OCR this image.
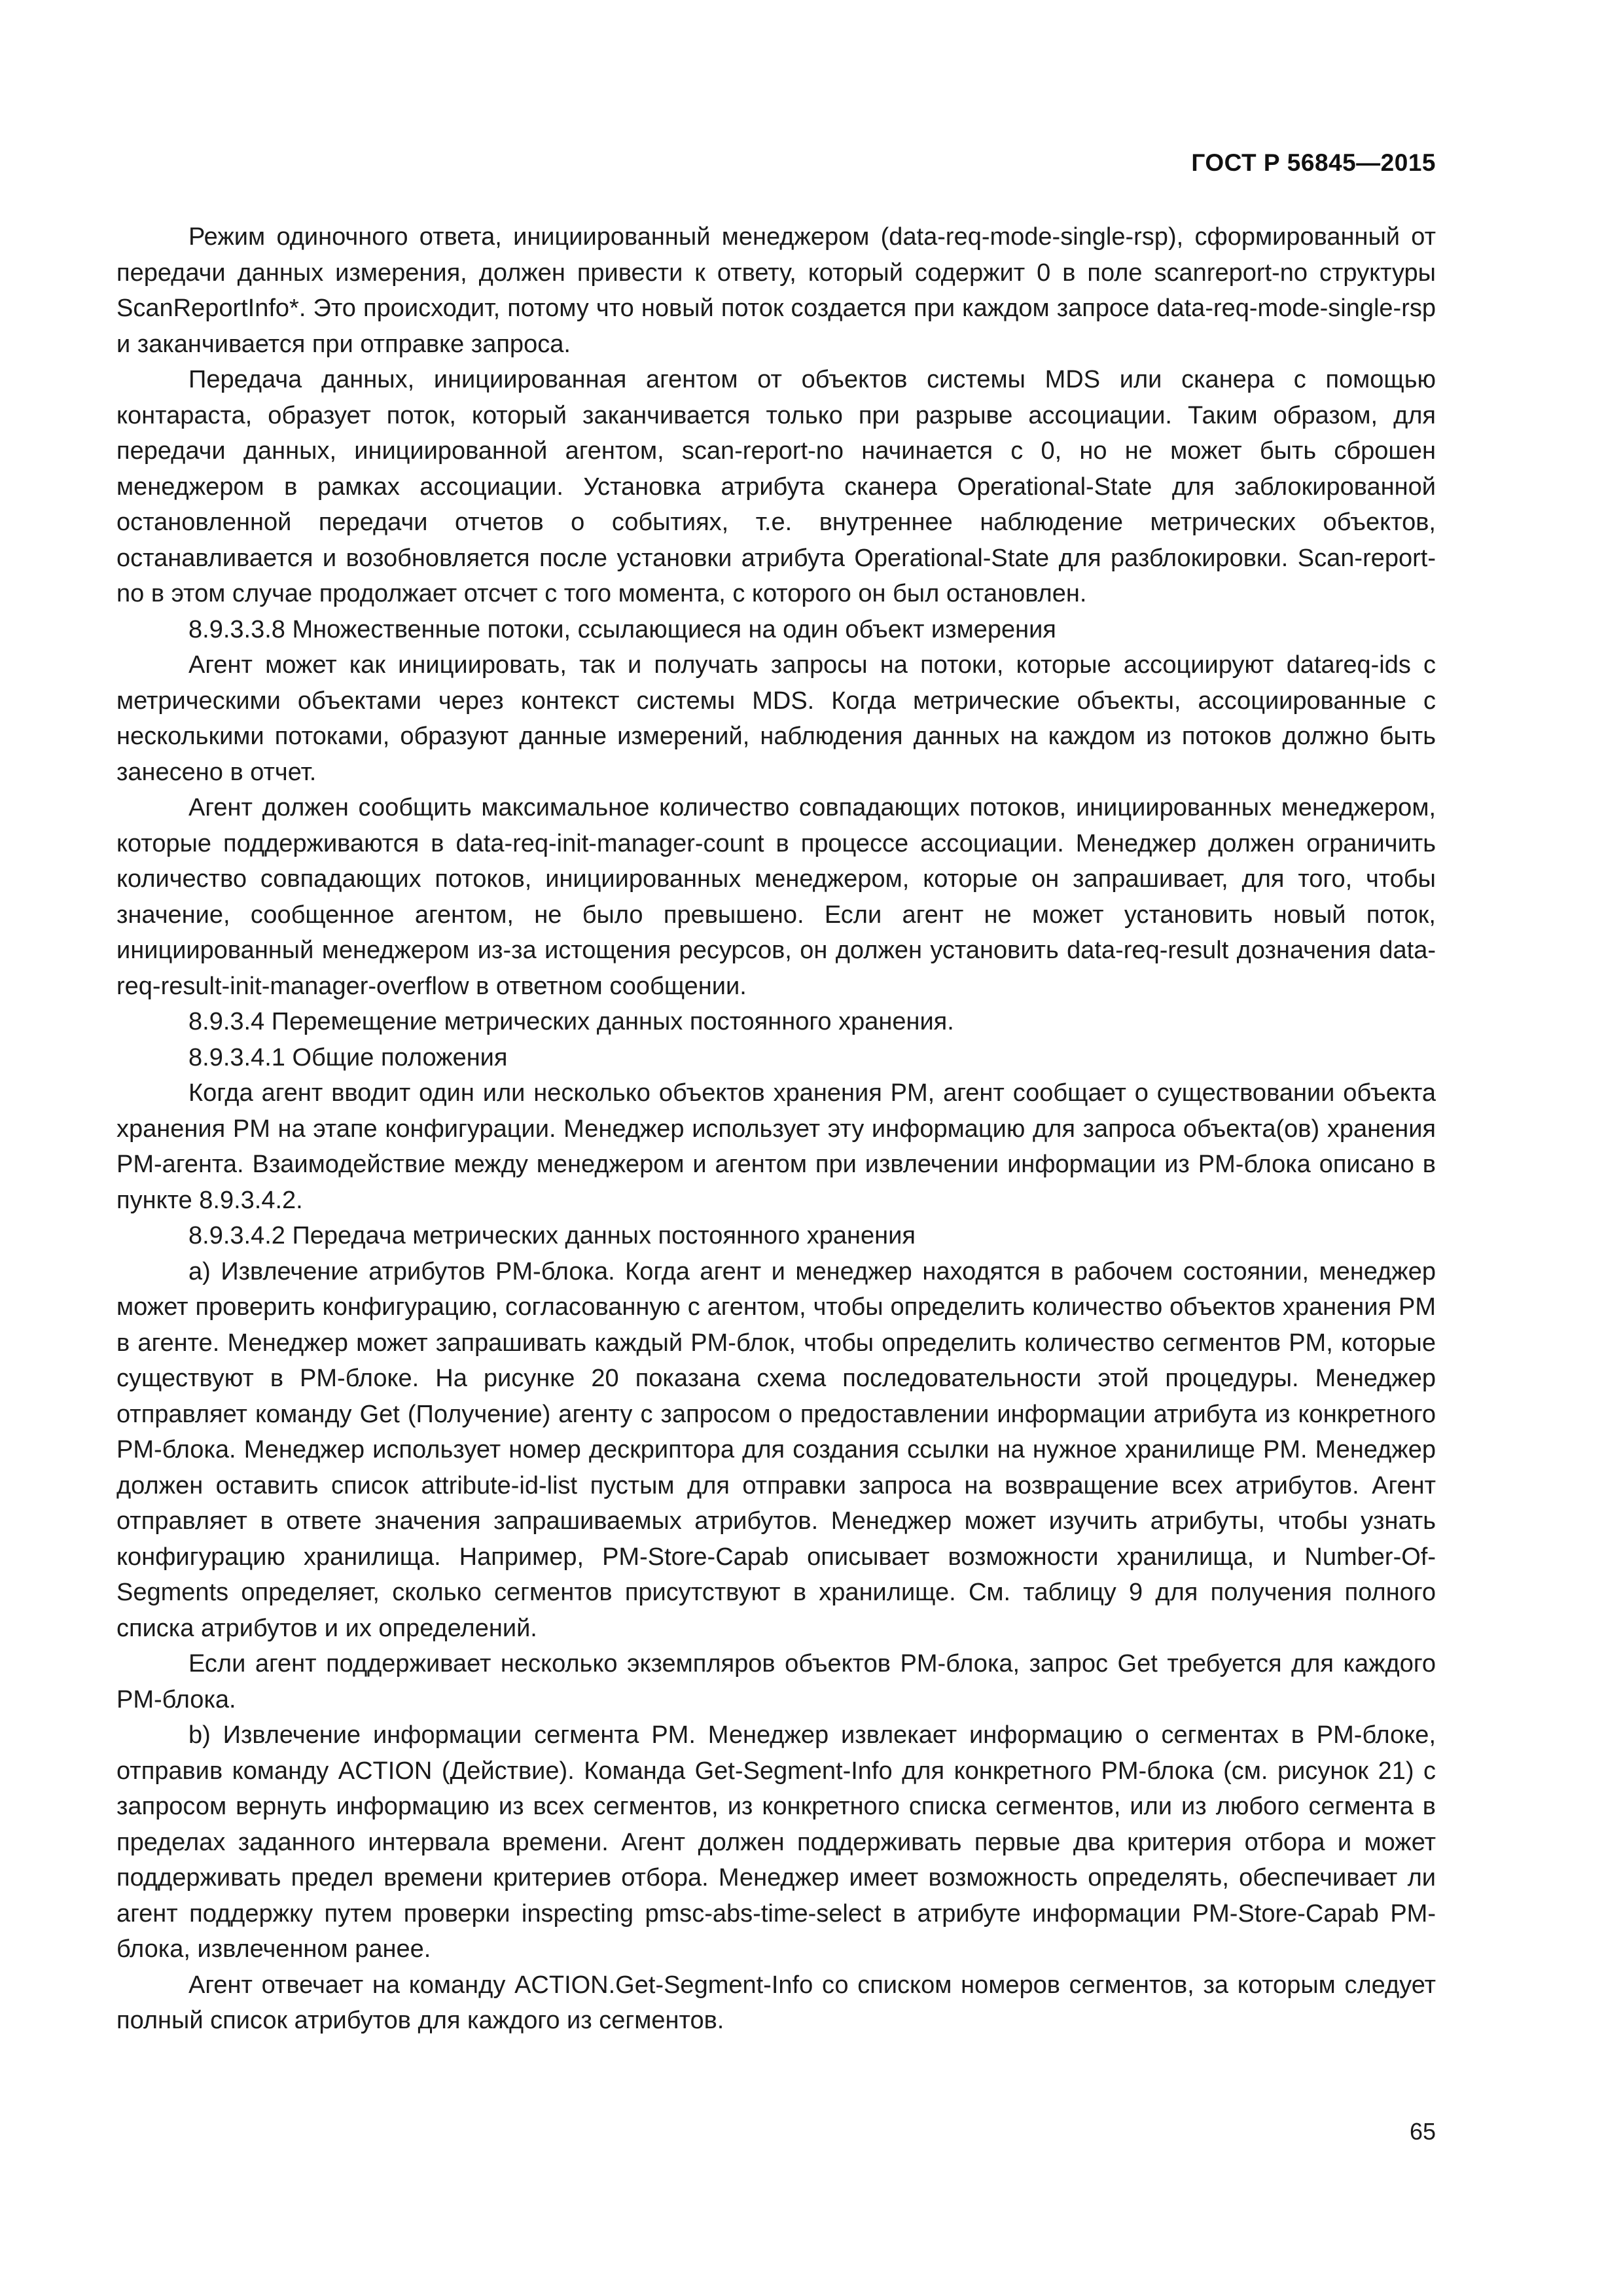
ГОСТ Р 56845—2015

Режим одиночного ответа, инициированный менеджером (data-req-mode-single-rsp), сформированный от передачи данных измерения, должен привести к ответу, который содержит 0 в поле scanreport-no структуры ScanReportInfo*. Это происходит, потому что новый поток создается при каждом запросе data-req-mode-single-rsp и заканчивается при отправке запроса.

Передача данных, инициированная агентом от объектов системы MDS или сканера с помощью контараста, образует поток, который заканчивается только при разрыве ассоциации. Таким образом, для передачи данных, инициированной агентом, scan-report-no начинается с 0, но не может быть сброшен менеджером в рамках ассоциации. Установка атрибута сканера Operational-State для заблокированной остановленной передачи отчетов о событиях, т.е. внутреннее наблюдение метрических объектов, останавливается и возобновляется после установки атрибута Operational-State для разблокировки. Scan-report-no в этом случае продолжает отсчет с того момента, с которого он был остановлен.

8.9.3.3.8 Множественные потоки, ссылающиеся на один объект измерения

Агент может как инициировать, так и получать запросы на потоки, которые ассоциируют datareq-ids с метрическими объектами через контекст системы MDS. Когда метрические объекты, ассоциированные с несколькими потоками, образуют данные измерений, наблюдения данных на каждом из потоков должно быть занесено в отчет.

Агент должен сообщить максимальное количество совпадающих потоков, инициированных менеджером, которые поддерживаются в data-req-init-manager-count в процессе ассоциации. Менеджер должен ограничить количество совпадающих потоков, инициированных менеджером, которые он запрашивает, для того, чтобы значение, сообщенное агентом, не было превышено. Если агент не может установить новый поток, инициированный менеджером из-за истощения ресурсов, он должен установить data-req-result дозначения data-req-result-init-manager-overflow в ответном сообщении.

8.9.3.4 Перемещение метрических данных постоянного хранения.

8.9.3.4.1 Общие положения

Когда агент вводит один или несколько объектов хранения PM, агент сообщает о существовании объекта хранения PM на этапе конфигурации. Менеджер использует эту информацию для запроса объекта(ов) хранения PM-агента. Взаимодействие между менеджером и агентом при извлечении информации из PM-блока описано в пункте 8.9.3.4.2.

8.9.3.4.2 Передача метрических данных постоянного хранения

a) Извлечение атрибутов PM-блока. Когда агент и менеджер находятся в рабочем состоянии, менеджер может проверить конфигурацию, согласованную с агентом, чтобы определить количество объектов хранения PM в агенте. Менеджер может запрашивать каждый PM-блок, чтобы определить количество сегментов PM, которые существуют в PM-блоке. На рисунке 20 показана схема последовательности этой процедуры. Менеджер отправляет команду Get (Получение) агенту с запросом о предоставлении информации атрибута из конкретного PM-блока. Менеджер использует номер дескриптора для создания ссылки на нужное хранилище PM. Менеджер должен оставить список attribute-id-list пустым для отправки запроса на возвращение всех атрибутов. Агент отправляет в ответе значения запрашиваемых атрибутов. Менеджер может изучить атрибуты, чтобы узнать конфигурацию хранилища. Например, PM-Store-Capab описывает возможности хранилища, и Number-Of-Segments определяет, сколько сегментов присутствуют в хранилище. См. таблицу 9 для получения полного списка атрибутов и их определений.

Если агент поддерживает несколько экземпляров объектов PM-блока, запрос Get требуется для каждого PM-блока.

b) Извлечение информации сегмента PM. Менеджер извлекает информацию о сегментах в PM-блоке, отправив команду ACTION (Действие). Команда Get-Segment-Info для конкретного PM-блока (см. рисунок 21) с запросом вернуть информацию из всех сегментов, из конкретного списка сегментов, или из любого сегмента в пределах заданного интервала времени. Агент должен поддерживать первые два критерия отбора и может поддерживать предел времени критериев отбора. Менеджер имеет возможность определять, обеспечивает ли агент поддержку путем проверки inspecting pmsc-abs-time-select в атрибуте информации PM-Store-Capab PM-блока, извлеченном ранее.

Агент отвечает на команду ACTION.Get-Segment-Info со списком номеров сегментов, за которым следует полный список атрибутов для каждого из сегментов.

65
